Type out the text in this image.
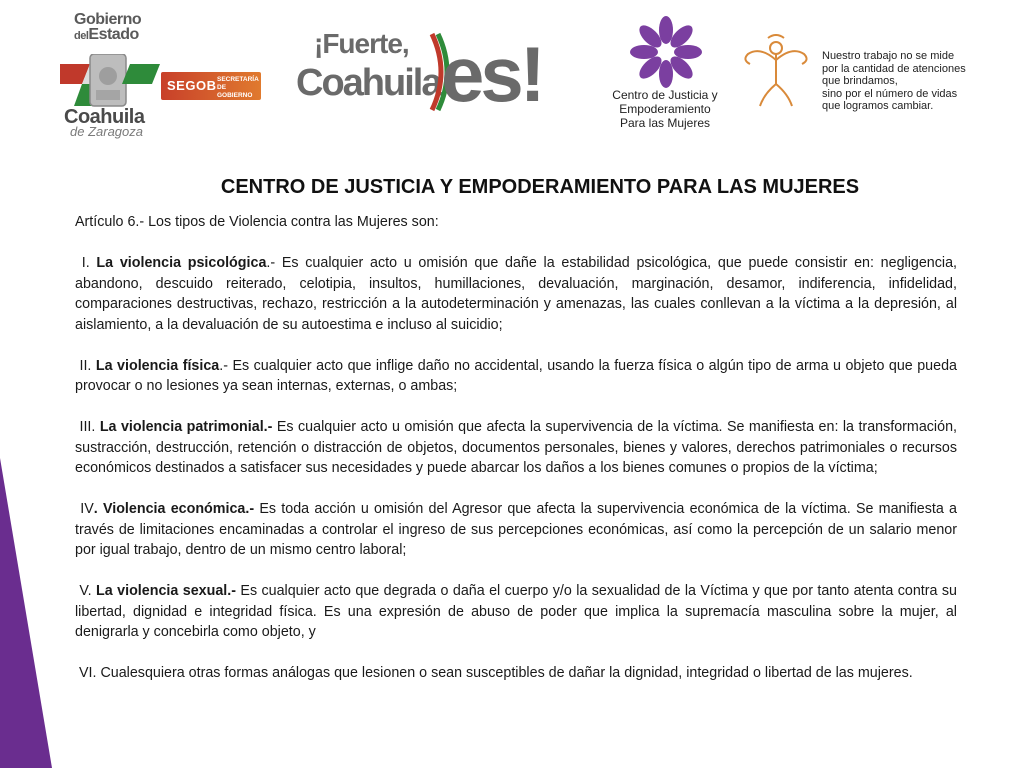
Gobierno
delEstado
Coahuila
de Zaragoza
SEGOB SECRETARÍA
DE GOBIERNO
¡Fuerte,
Coahuila es!	Centro de Justicia y
Empoderamiento
Para las Mujeres
Nuestro trabajo no se mide
por la cantidad de atenciones
que brindamos,
sino por el número de vidas
que logramos cambiar.
CENTRO DE JUSTICIA Y EMPODERAMIENTO PARA LAS MUJERES

Artículo 6.- Los tipos de Violencia contra las Mujeres son:

I. La violencia psicológica.- Es cualquier acto u omisión que dañe la estabilidad psicológica, que puede consistir en: negligencia, abandono, descuido reiterado, celotipia, insultos, humillaciones, devaluación, marginación, desamor, indiferencia, infidelidad, comparaciones destructivas, rechazo, restricción a la autodeterminación y amenazas, las cuales conllevan a la víctima a la depresión, al aislamiento, a la devaluación de su autoestima e incluso al suicidio;

II. La violencia física.- Es cualquier acto que inflige daño no accidental, usando la fuerza física o algún tipo de arma u objeto que pueda provocar o no lesiones ya sean internas, externas, o ambas;

III. La violencia patrimonial.- Es cualquier acto u omisión que afecta la supervivencia de la víctima. Se manifiesta en: la transformación, sustracción, destrucción, retención o distracción de objetos, documentos personales, bienes y valores, derechos patrimoniales o recursos económicos destinados a satisfacer sus necesidades y puede abarcar los daños a los bienes comunes o propios de la víctima;

IV. Violencia económica.- Es toda acción u omisión del Agresor que afecta la supervivencia económica de la víctima. Se manifiesta a través de limitaciones encaminadas a controlar el ingreso de sus percepciones económicas, así como la percepción de un salario menor por igual trabajo, dentro de un mismo centro laboral;

V. La violencia sexual.- Es cualquier acto que degrada o daña el cuerpo y/o la sexualidad de la Víctima y que por tanto atenta contra su libertad, dignidad e integridad física. Es una expresión de abuso de poder que implica la supremacía masculina sobre la mujer, al denigrarla y concebirla como objeto, y

VI. Cualesquiera otras formas análogas que lesionen o sean susceptibles de dañar la dignidad, integridad o libertad de las mujeres.
